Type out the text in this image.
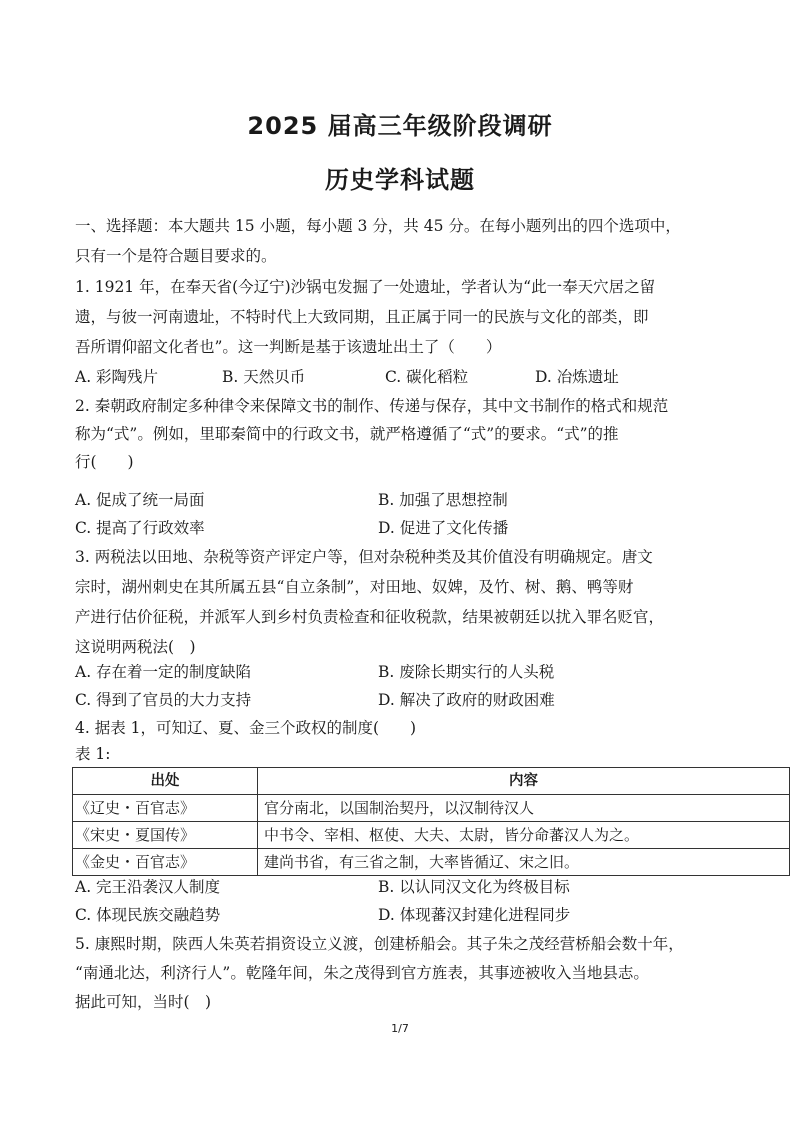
2025 届高三年级阶段调研
历史学科试题
一、选择题：本大题共 15 小题，每小题 3 分，共 45 分。在每小题列出的四个选项中，
只有一个是符合题目要求的。
1. 1921 年，在奉天省(今辽宁)沙锅屯发掘了一处遗址，学者认为“此一奉天穴居之留
遗，与彼一河南遗址，不特时代上大致同期，且正属于同一的民族与文化的部类，即
吾所谓仰韶文化者也”。这一判断是基于该遗址出土了（　　）
A. 彩陶残片	B. 天然贝币	C. 碳化稻粒	D. 冶炼遗址
2. 秦朝政府制定多种律令来保障文书的制作、传递与保存，其中文书制作的格式和规范
称为“式”。例如，里耶秦简中的行政文书，就严格遵循了“式”的要求。“式”的推
行(　　)
A. 促成了统一局面	B. 加强了思想控制
C. 提高了行政效率	D. 促进了文化传播
3. 两税法以田地、杂税等资产评定户等，但对杂税种类及其价值没有明确规定。唐文
宗时，湖州刺史在其所属五县“自立条制”，对田地、奴婢，及竹、树、鹅、鸭等财
产进行估价征税，并派军人到乡村负责检查和征收税款，结果被朝廷以扰入罪名贬官，
这说明两税法(　)
A. 存在着一定的制度缺陷	B. 废除长期实行的人头税
C. 得到了官员的大力支持	D. 解决了政府的财政困难
4. 据表 1，可知辽、夏、金三个政权的制度(　　)
表 1:
出处	内容
《辽史・百官志》	官分南北，以国制治契丹，以汉制待汉人
《宋史・夏国传》	中书令、宰相、枢使、大夫、太尉，皆分命蕃汉人为之。
《金史・百官志》	建尚书省，有三省之制，大率皆循辽、宋之旧。
A. 完王沿袭汉人制度	B. 以认同汉文化为终极目标
C. 体现民族交融趋势	D. 体现蕃汉封建化进程同步
5. 康熙时期，陕西人朱英若捐资设立义渡，创建桥船会。其子朱之茂经营桥船会数十年，
“南通北达，利济行人”。乾隆年间，朱之茂得到官方旌表，其事迹被收入当地县志。
据此可知，当时(　)
1/7
